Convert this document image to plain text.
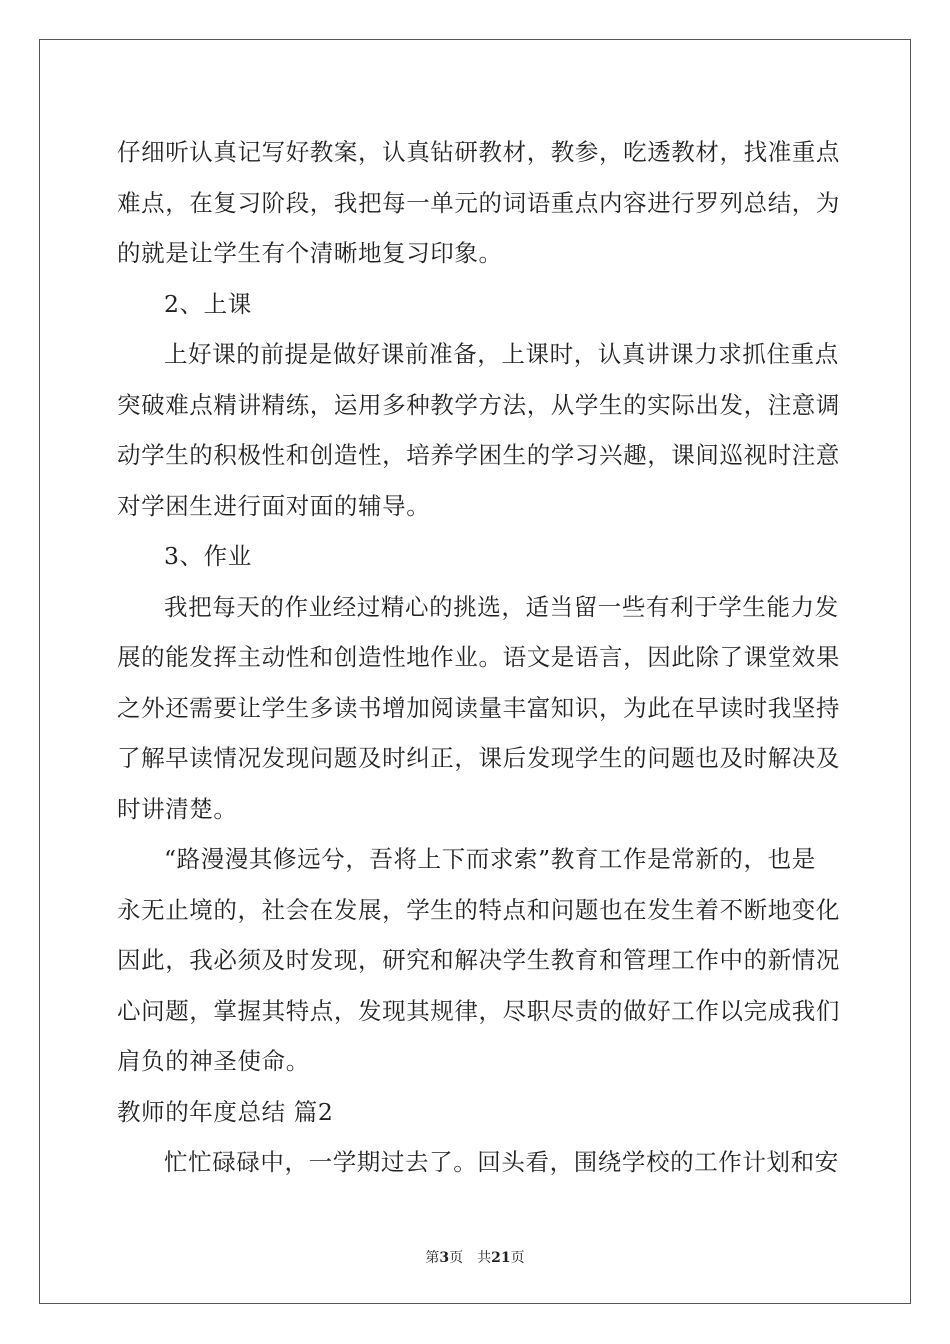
仔细听认真记写好教案，认真钻研教材，教参，吃透教材，找准重点
难点，在复习阶段，我把每一单元的词语重点内容进行罗列总结，为
的就是让学生有个清晰地复习印象。
2、上课
上好课的前提是做好课前准备，上课时，认真讲课力求抓住重点
突破难点精讲精练，运用多种教学方法，从学生的实际出发，注意调
动学生的积极性和创造性，培养学困生的学习兴趣，课间巡视时注意
对学困生进行面对面的辅导。
3、作业
我把每天的作业经过精心的挑选，适当留一些有利于学生能力发
展的能发挥主动性和创造性地作业。语文是语言，因此除了课堂效果
之外还需要让学生多读书增加阅读量丰富知识，为此在早读时我坚持
了解早读情况发现问题及时纠正，课后发现学生的问题也及时解决及
时讲清楚。
“路漫漫其修远兮，吾将上下而求索”教育工作是常新的，也是
永无止境的，社会在发展，学生的特点和问题也在发生着不断地变化
因此，我必须及时发现，研究和解决学生教育和管理工作中的新情况
心问题，掌握其特点，发现其规律，尽职尽责的做好工作以完成我们
肩负的神圣使命。
教师的年度总结 篇2
忙忙碌碌中，一学期过去了。回头看，围绕学校的工作计划和安
第3页 共21页
